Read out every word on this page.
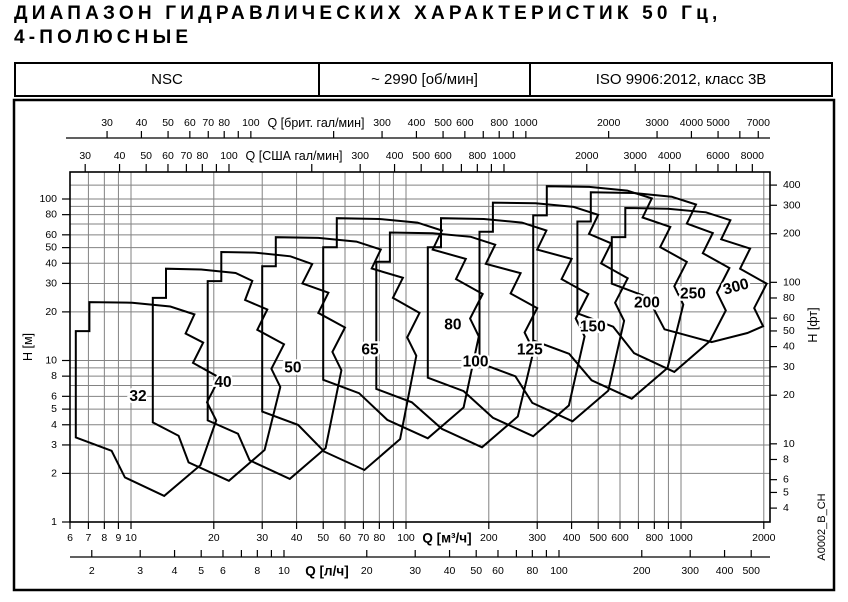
ДИАПАЗОН ГИДРАВЛИЧЕСКИХ ХАРАКТЕРИСТИК 50 Гц,
4-ПОЛЮСНЫЕ
NSC	~ 2990 [об/мин]	ISO 9906:2012, класс 3В
30 40 50 60 70 80 100	300 400 500 600 800 1000	2000 3000 4000 5000 7000
Q [брит. гал/мин]
30 40 50 60 70 80 100	300 400 500 600 800 1000	2000 3000 4000 6000 8000
Q [США гал/мин]
6 7 8 9 10	20	30 40 50 60 70 80 100	200	300 400 500 600 800 1000	2000
Q [м³/ч]
2	3	4 5 6	8 10	20	30 40 50 60 80 100	200	300 400 500
Q [л/ч]
1
2
3
4
5
6
8
10
20
30
40
50
60
80
100
H [м]
4
5
6
8
10
20
30
40
50
60
80
100
200
300
400
H [фт]
32
40
50
65
80
100
125
150
200
250 300
A0002_B_CH
